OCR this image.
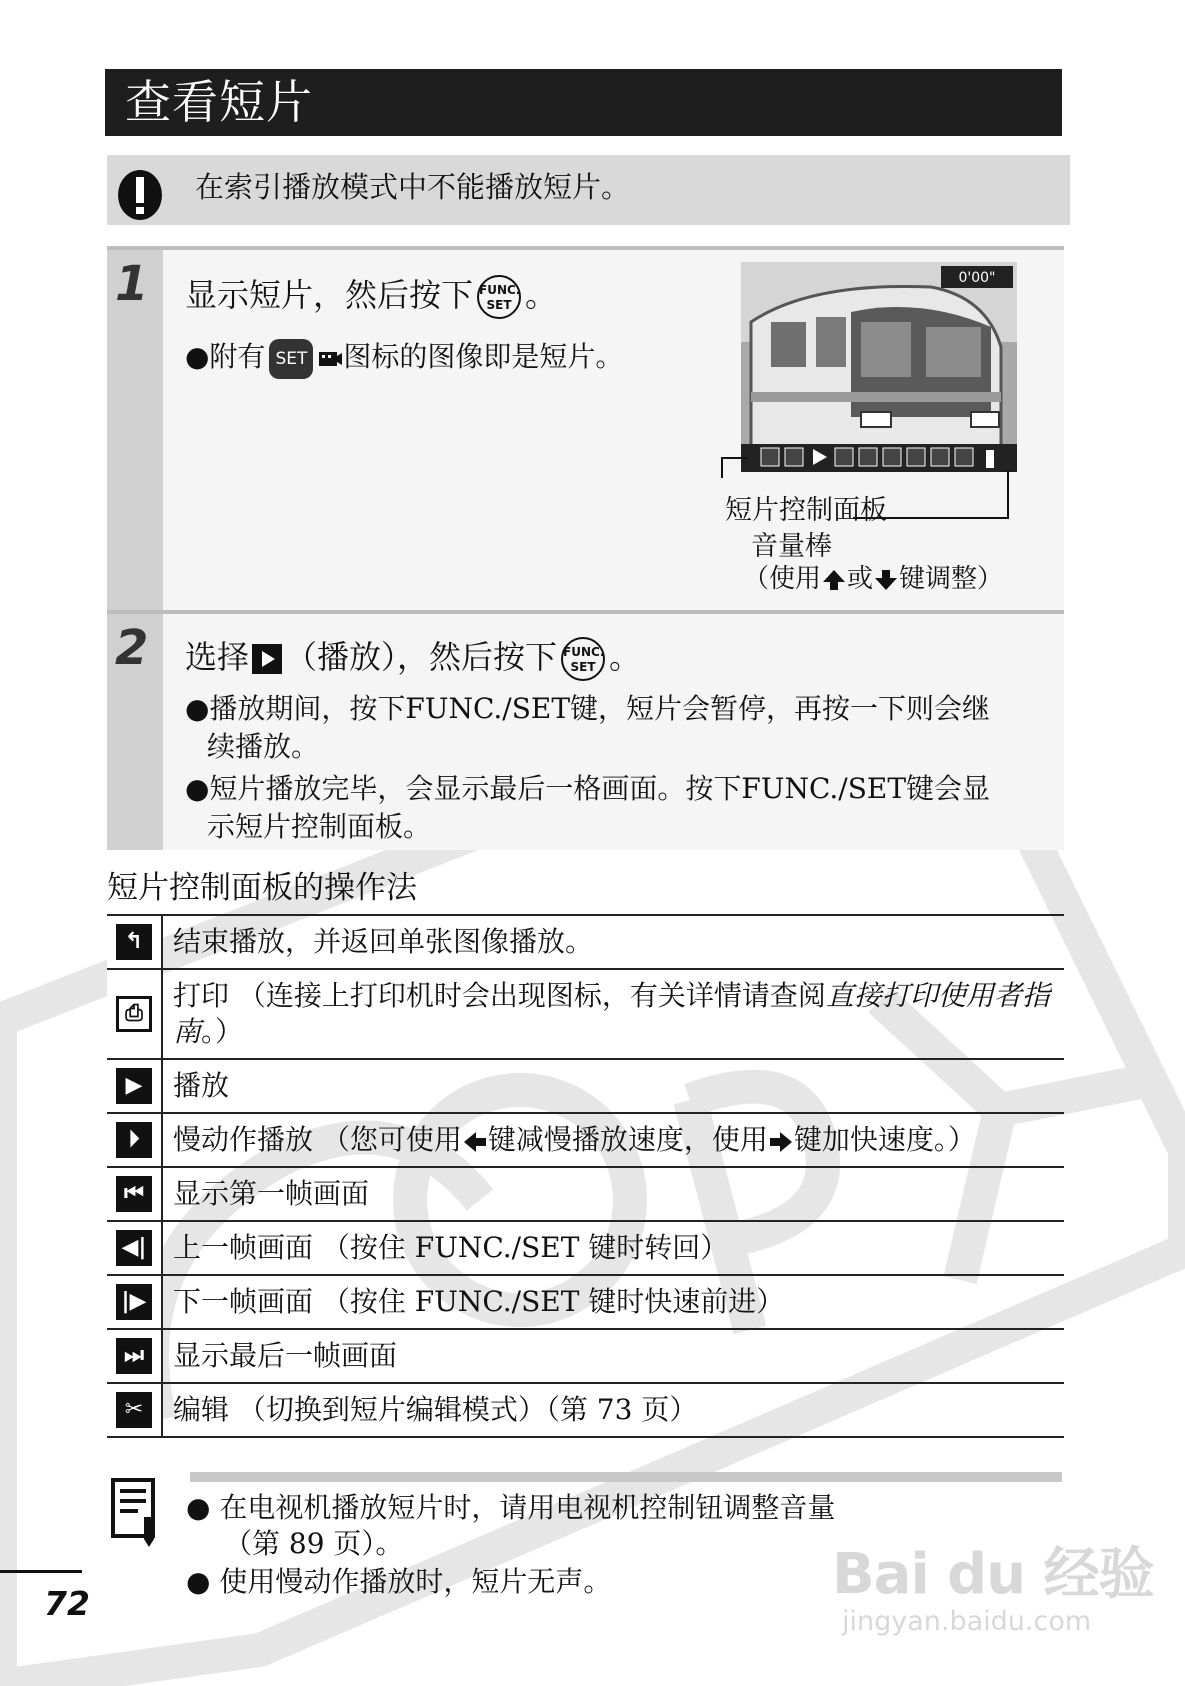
查看短片
在索引播放模式中不能播放短片。
1 显示短片，然后按下 FUNC.
SET 。
●附有 SET 图标的图像即是短片。
0'00"
短片控制面板
音量棒
（使用 或 键调整）
2 选择 （播放），然后按下 FUNC.
SET 。
●播放期间，按下FUNC./SET键，短片会暂停，再按一下则会继
续播放。
●短片播放完毕，会显示最后一格画面。按下FUNC./SET键会显
示短片控制面板。
短片控制面板的操作法
↰	结束播放，并返回单张图像播放。
⎙	打印 （连接上打印机时会出现图标，有关详情请查阅直接打印使用者指南。）
▶	播放
⏵	慢动作播放 （您可使用 键减慢播放速度，使用 键加快速度。）
⏮	显示第一帧画面
◀|	上一帧画面 （按住 FUNC./SET 键时转回）
|▶	下一帧画面 （按住 FUNC./SET 键时快速前进）
⏭	显示最后一帧画面
✂	编辑 （切换到短片编辑模式）（第 73 页）
● 在电视机播放短片时，请用电视机控制钮调整音量
（第 89 页）。
● 使用慢动作播放时，短片无声。
72	Bai du 经验
jingyan.baidu.com
